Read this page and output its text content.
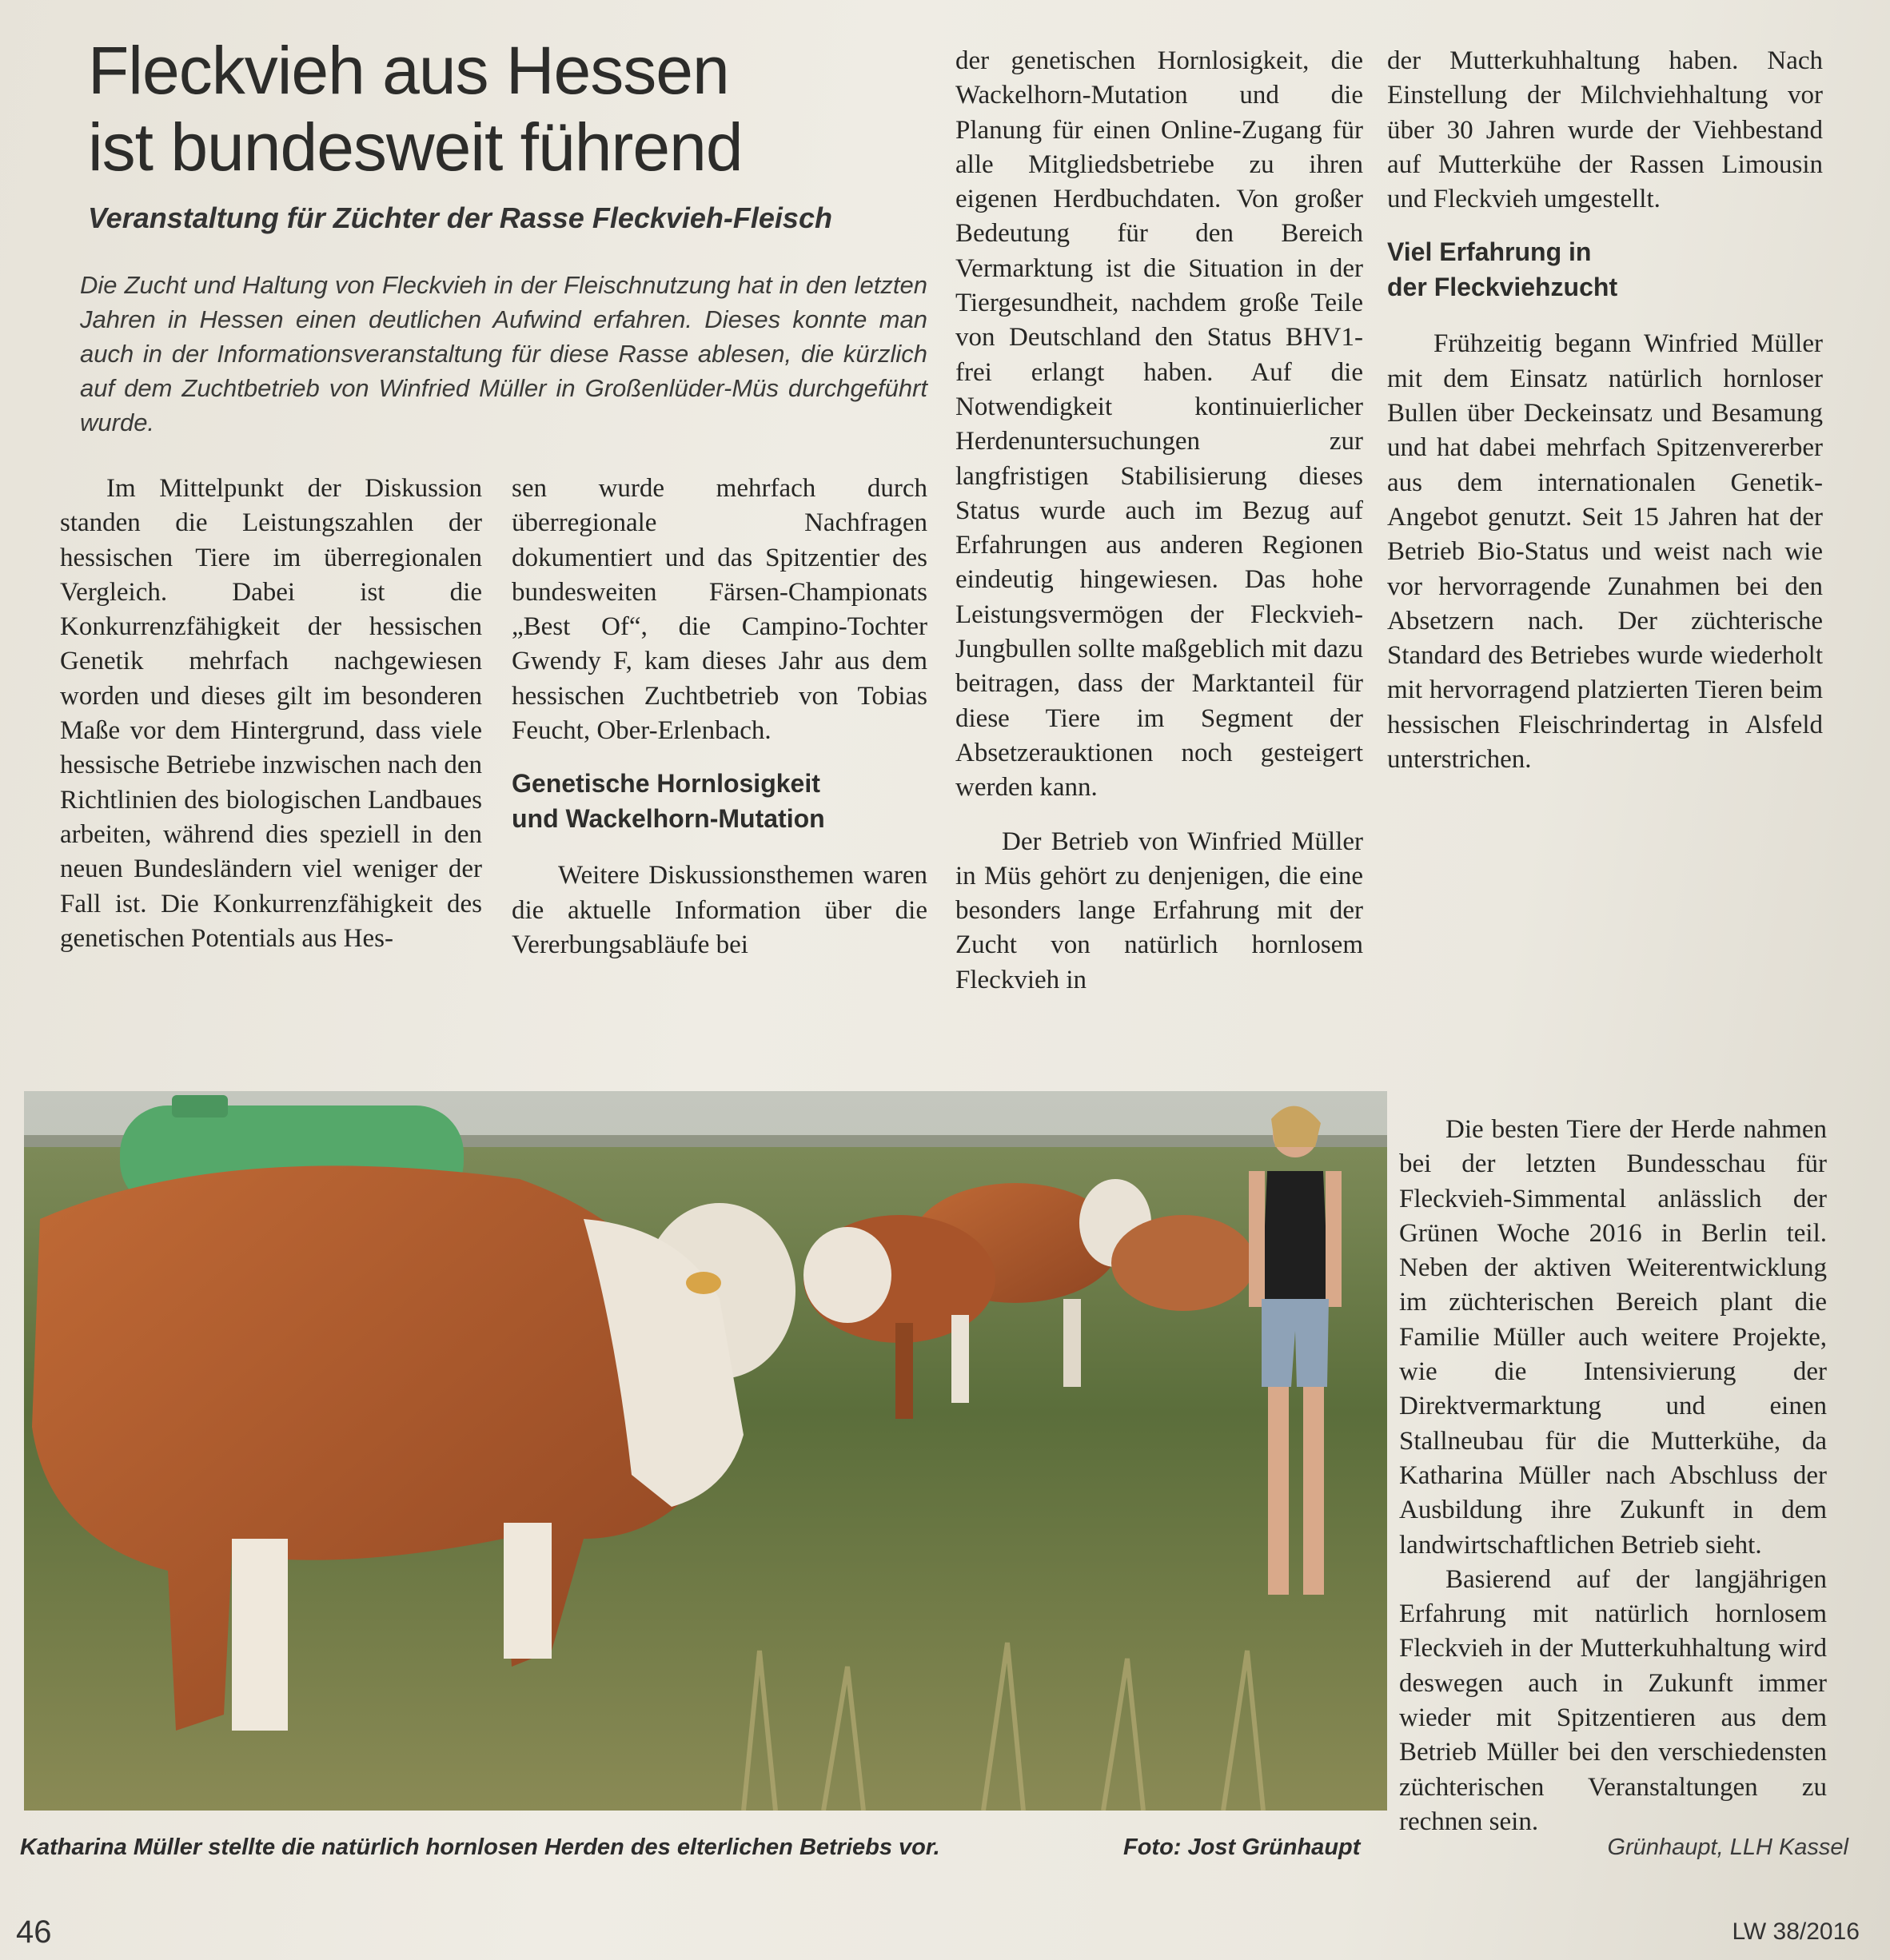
Fleckvieh aus Hessen
ist bundesweit führend
Veranstaltung für Züchter der Rasse Fleckvieh-Fleisch
Die Zucht und Haltung von Fleckvieh in der Fleischnutzung hat in den letzten Jahren in Hessen einen deutlichen Aufwind erfahren. Dieses konnte man auch in der Informationsveranstaltung für diese Rasse ablesen, die kürzlich auf dem Zuchtbetrieb von Winfried Müller in Großenlüder-Müs durchgeführt wurde.

Im Mittelpunkt der Diskussion standen die Leistungszahlen der hessischen Tiere im überregionalen Vergleich. Dabei ist die Konkurrenzfähigkeit der hessischen Genetik mehrfach nachgewiesen worden und dieses gilt im besonderen Maße vor dem Hintergrund, dass viele hessische Betriebe inzwischen nach den Richtlinien des biologischen Landbaues arbeiten, während dies speziell in den neuen Bundesländern viel weniger der Fall ist. Die Konkurrenzfähigkeit des genetischen Potentials aus Hes-

sen wurde mehrfach durch überregionale Nachfragen dokumentiert und das Spitzentier des bundesweiten Färsen-Championats „Best Of“, die Campino-Tochter Gwendy F, kam dieses Jahr aus dem hessischen Zuchtbetrieb von Tobias Feucht, Ober-Erlenbach.

Genetische Hornlosigkeit
und Wackelhorn-Mutation

Weitere Diskussionsthemen waren die aktuelle Information über die Vererbungsabläufe bei

der genetischen Hornlosigkeit, die Wackelhorn-Mutation und die Planung für einen Online-Zugang für alle Mitgliedsbetriebe zu ihren eigenen Herdbuchdaten. Von großer Bedeutung für den Bereich Vermarktung ist die Situation in der Tiergesundheit, nachdem große Teile von Deutschland den Status BHV1-frei erlangt haben. Auf die Notwendigkeit kontinuierlicher Herdenuntersuchungen zur langfristigen Stabilisierung dieses Status wurde auch im Bezug auf Erfahrungen aus anderen Regionen eindeutig hingewiesen. Das hohe Leistungsvermögen der Fleckvieh-Jungbullen sollte maßgeblich mit dazu beitragen, dass der Marktanteil für diese Tiere im Segment der Absetzerauktionen noch gesteigert werden kann.

Der Betrieb von Winfried Müller in Müs gehört zu denjenigen, die eine besonders lange Erfahrung mit der Zucht von natürlich hornlosem Fleckvieh in

der Mutterkuhhaltung haben. Nach Einstellung der Milchviehhaltung vor über 30 Jahren wurde der Viehbestand auf Mutterkühe der Rassen Limousin und Fleckvieh umgestellt.

Viel Erfahrung in
der Fleckviehzucht

Frühzeitig begann Winfried Müller mit dem Einsatz natürlich hornloser Bullen über Deckeinsatz und Besamung und hat dabei mehrfach Spitzenvererber aus dem internationalen Genetik-Angebot genutzt. Seit 15 Jahren hat der Betrieb Bio-Status und weist nach wie vor hervorragende Zunahmen bei den Absetzern nach. Der züchterische Standard des Betriebes wurde wiederholt mit hervorragend platzierten Tieren beim hessischen Fleischrindertag in Alsfeld unterstrichen.

Die besten Tiere der Herde nahmen bei der letzten Bundesschau für Fleckvieh-Simmental anlässlich der Grünen Woche 2016 in Berlin teil. Neben der aktiven Weiterentwicklung im züchterischen Bereich plant die Familie Müller auch weitere Projekte, wie die Intensivierung der Direktvermarktung und einen Stallneubau für die Mutterkühe, da Katharina Müller nach Abschluss der Ausbildung ihre Zukunft in dem landwirtschaftlichen Betrieb sieht.

Basierend auf der langjährigen Erfahrung mit natürlich hornlosem Fleckvieh in der Mutterkuhhaltung wird deswegen auch in Zukunft immer wieder mit Spitzentieren aus dem Betrieb Müller bei den verschiedensten züchterischen Veranstaltungen zu rechnen sein.

Katharina Müller stellte die natürlich hornlosen Herden des elterlichen Betriebs vor.	Foto: Jost Grünhaupt	Grünhaupt, LLH Kassel
46	LW 38/2016
